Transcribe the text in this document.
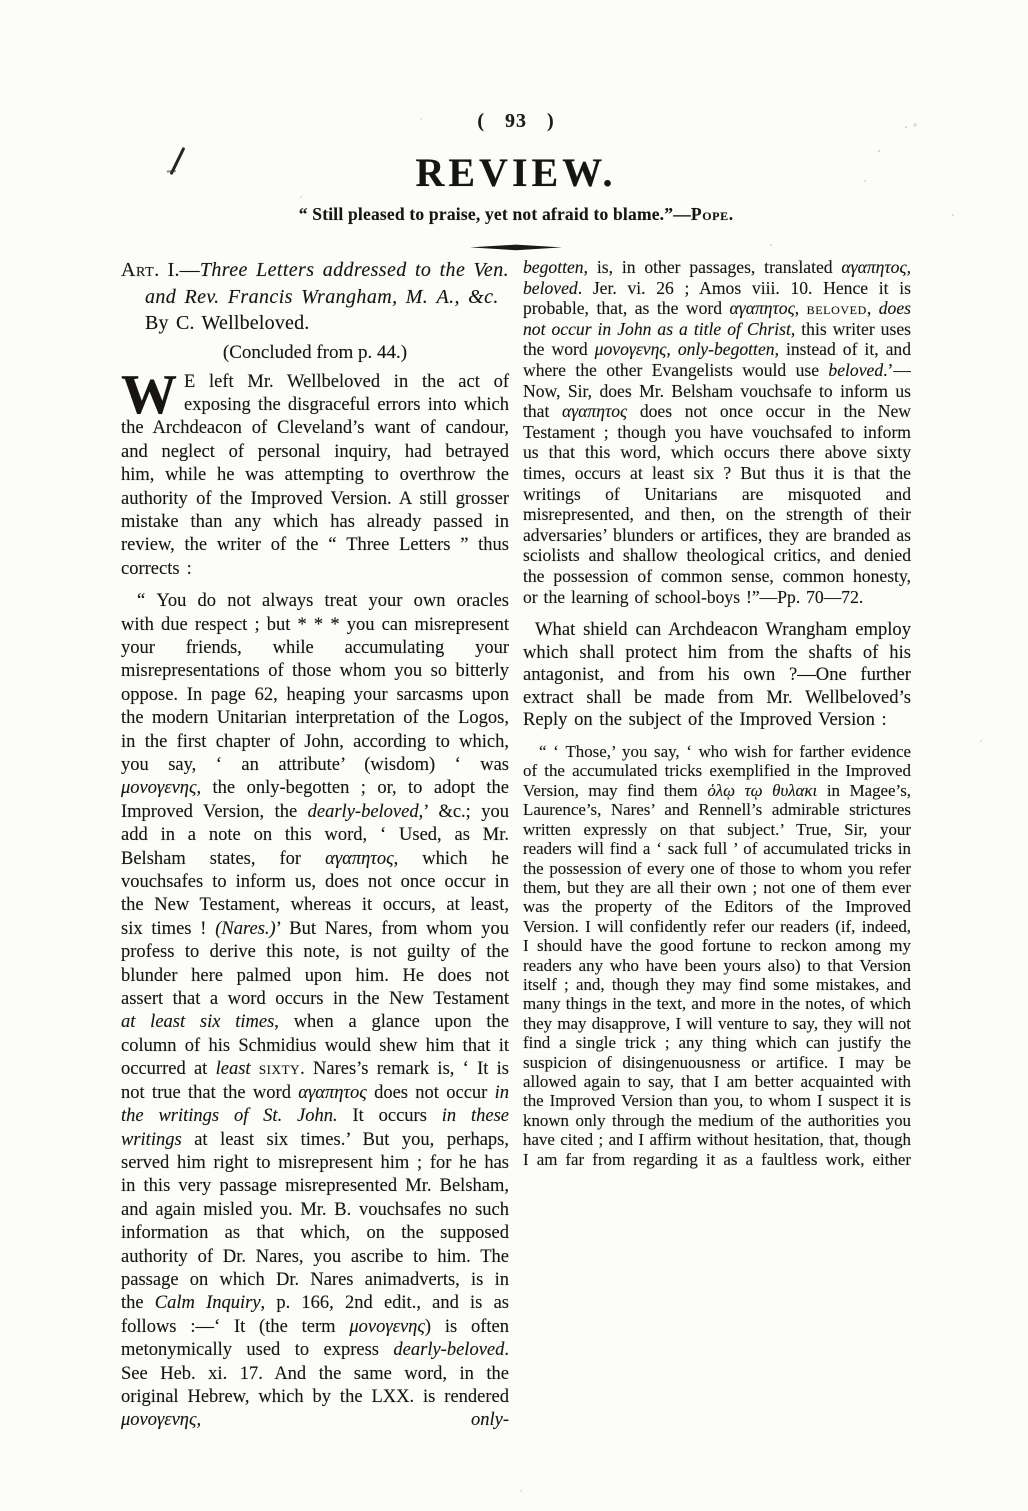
( 93 )
REVIEW.
“ Still pleased to praise, yet not afraid to blame.”—Pope.

Art. I.—Three Letters addressed to the Ven. and Rev. Francis Wrangham, M. A., &c. By C. Wellbeloved.

(Concluded from p. 44.)

W E left Mr. Wellbeloved in the act of exposing the disgraceful errors into which the Archdeacon of Cleveland’s want of candour, and neglect of personal inquiry, had betrayed him, while he was attempting to overthrow the authority of the Improved Version. A still grosser mistake than any which has already passed in review, the writer of the “ Three Letters ” thus corrects :

“ You do not always treat your own oracles with due respect ; but * * * you can misrepresent your friends, while accumulating your misrepresentations of those whom you so bitterly oppose. In page 62, heaping your sarcasms upon the modern Unitarian interpretation of the Logos, in the first chapter of John, according to which, you say, ‘ an attribute’ (wisdom) ‘ was μονογενης, the only-begotten ; or, to adopt the Improved Version, the dearly-beloved,’ &c.; you add in a note on this word, ‘ Used, as Mr. Belsham states, for αγαπητος, which he vouchsafes to inform us, does not once occur in the New Testament, whereas it occurs, at least, six times ! (Nares.)’ But Nares, from whom you profess to derive this note, is not guilty of the blunder here palmed upon him. He does not assert that a word occurs in the New Testament at least six times, when a glance upon the column of his Schmidius would shew him that it occurred at least sixty. Nares’s remark is, ‘ It is not true that the word αγαπητος does not occur in the writings of St. John. It occurs in these writings at least six times.’ But you, perhaps, served him right to misrepresent him ; for he has in this very passage misrepresented Mr. Belsham, and again misled you. Mr. B. vouchsafes no such information as that which, on the supposed authority of Dr. Nares, you ascribe to him. The passage on which Dr. Nares animadverts, is in the Calm Inquiry, p. 166, 2nd edit., and is as follows :—‘ It (the term μονογενης) is often metonymically used to express dearly-beloved. See Heb. xi. 17. And the same word, in the original Hebrew, which by the LXX. is rendered μονογενης, only-

begotten, is, in other passages, translated αγαπητος, beloved. Jer. vi. 26 ; Amos viii. 10. Hence it is probable, that, as the word αγαπητος, beloved, does not occur in John as a title of Christ, this writer uses the word μονογενης, only-begotten, instead of it, and where the other Evangelists would use beloved.’— Now, Sir, does Mr. Belsham vouchsafe to inform us that αγαπητος does not once occur in the New Testament ; though you have vouchsafed to inform us that this word, which occurs there above sixty times, occurs at least six ? But thus it is that the writings of Unitarians are misquoted and misrepresented, and then, on the strength of their adversaries’ blunders or artifices, they are branded as sciolists and shallow theological critics, and denied the possession of common sense, common honesty, or the learning of school-boys !”—Pp. 70—72.

What shield can Archdeacon Wrangham employ which shall protect him from the shafts of his antagonist, and from his own ?—One further extract shall be made from Mr. Wellbeloved’s Reply on the subject of the Improved Version :

“ ‘ Those,’ you say, ‘ who wish for farther evidence of the accumulated tricks exemplified in the Improved Version, may find them ὁλῳ τῳ θυλακι in Magee’s, Laurence’s, Nares’ and Rennell’s admirable strictures written expressly on that subject.’ True, Sir, your readers will find a ‘ sack full ’ of accumulated tricks in the possession of every one of those to whom you refer them, but they are all their own ; not one of them ever was the property of the Editors of the Improved Version. I will confidently refer our readers (if, indeed, I should have the good fortune to reckon among my readers any who have been yours also) to that Version itself ; and, though they may find some mistakes, and many things in the text, and more in the notes, of which they may disapprove, I will venture to say, they will not find a single trick ; any thing which can justify the suspicion of disingenuousness or artifice. I may be allowed again to say, that I am better acquainted with the Improved Version than you, to whom I suspect it is known only through the medium of the authorities you have cited ; and I affirm without hesitation, that, though I am far from regarding it as a faultless work, either
